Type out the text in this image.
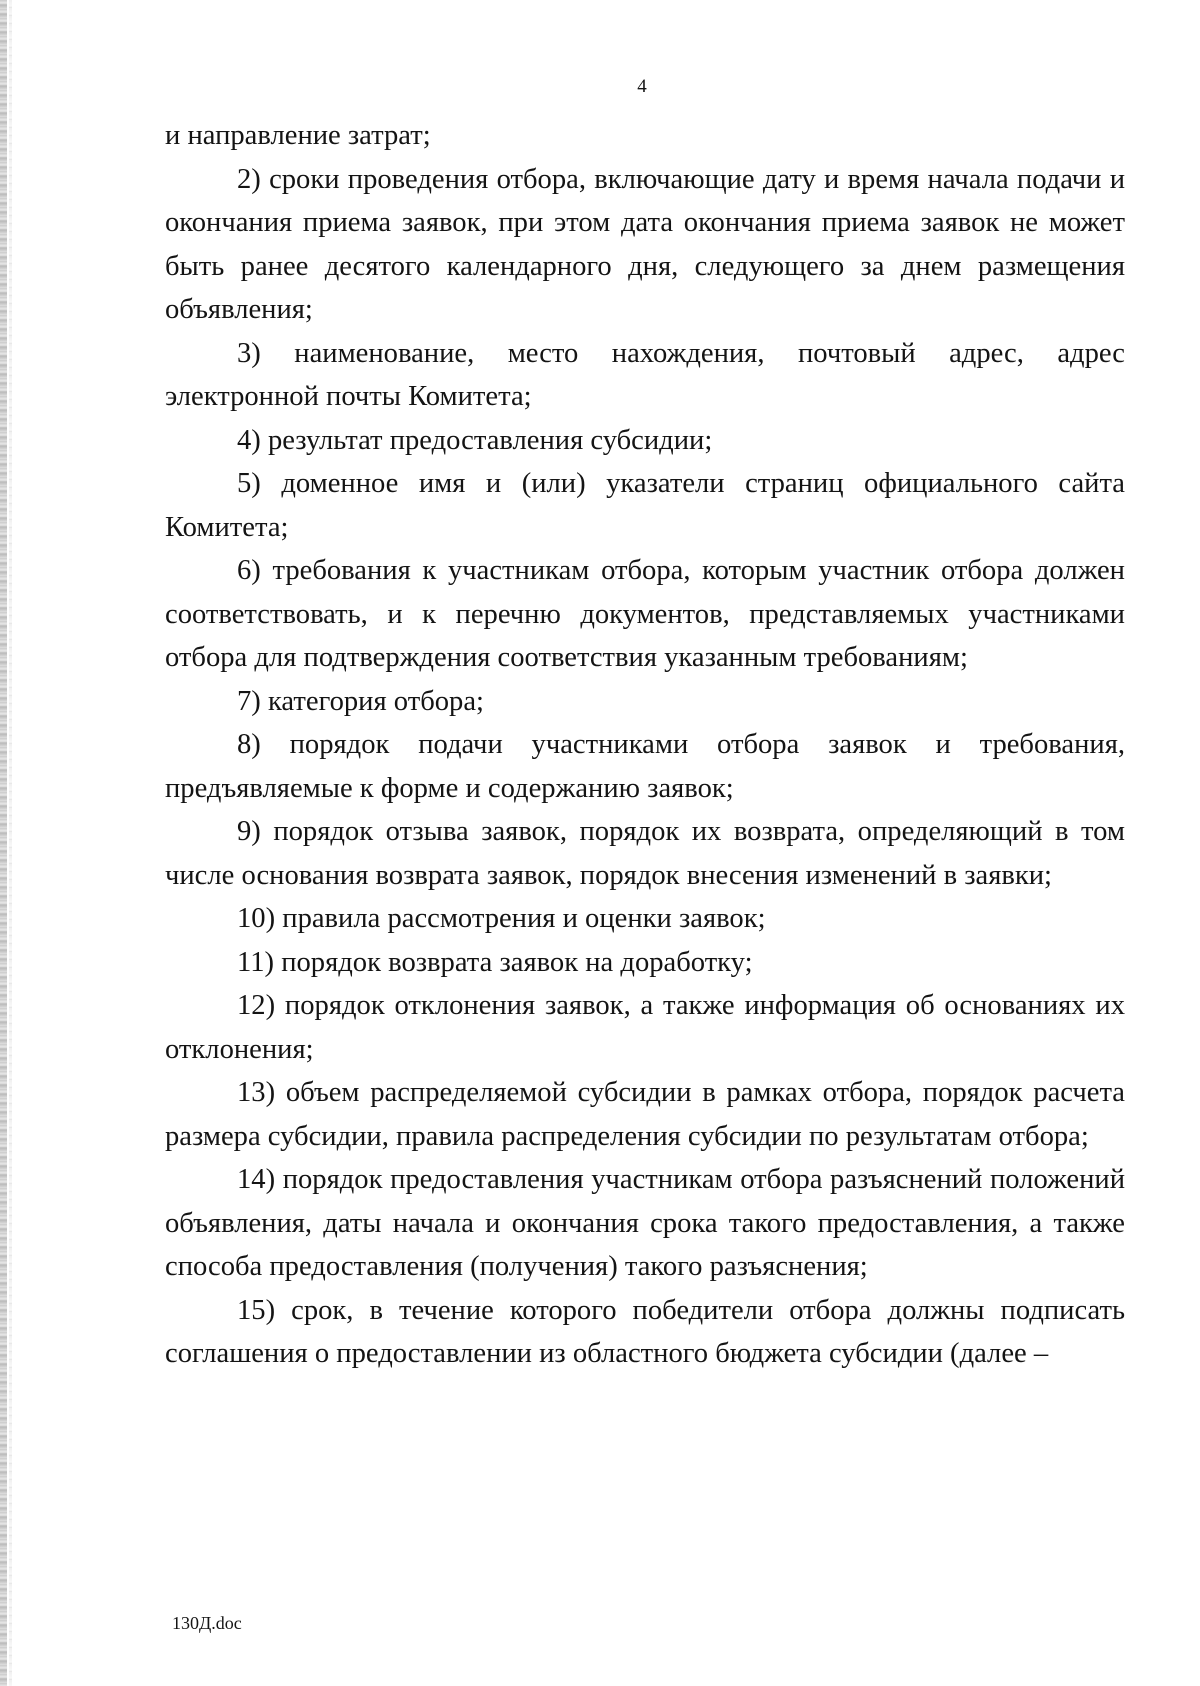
4

и направление затрат;

2) сроки проведения отбора, включающие дату и время начала подачи и окончания приема заявок, при этом дата окончания приема заявок не может быть ранее десятого календарного дня, следующего за днем размещения объявления;

3) наименование, место нахождения, почтовый адрес, адрес электронной почты Комитета;

4) результат предоставления субсидии;

5) доменное имя и (или) указатели страниц официального сайта Комитета;

6) требования к участникам отбора, которым участник отбора должен соответствовать, и к перечню документов, представляемых участниками отбора для подтверждения соответствия указанным требованиям;

7) категория отбора;

8) порядок подачи участниками отбора заявок и требования, предъявляемые к форме и содержанию заявок;

9) порядок отзыва заявок, порядок их возврата, определяющий в том числе основания возврата заявок, порядок внесения изменений в заявки;

10) правила рассмотрения и оценки заявок;

11) порядок возврата заявок на доработку;

12) порядок отклонения заявок, а также информация об основаниях их отклонения;

13) объем распределяемой субсидии в рамках отбора, порядок расчета размера субсидии, правила распределения субсидии по результатам отбора;

14) порядок предоставления участникам отбора разъяснений положений объявления, даты начала и окончания срока такого предоставления, а также способа предоставления (получения) такого разъяснения;

15) срок, в течение которого победители отбора должны подписать соглашения о предоставлении из областного бюджета субсидии (далее –

130Д.doc
